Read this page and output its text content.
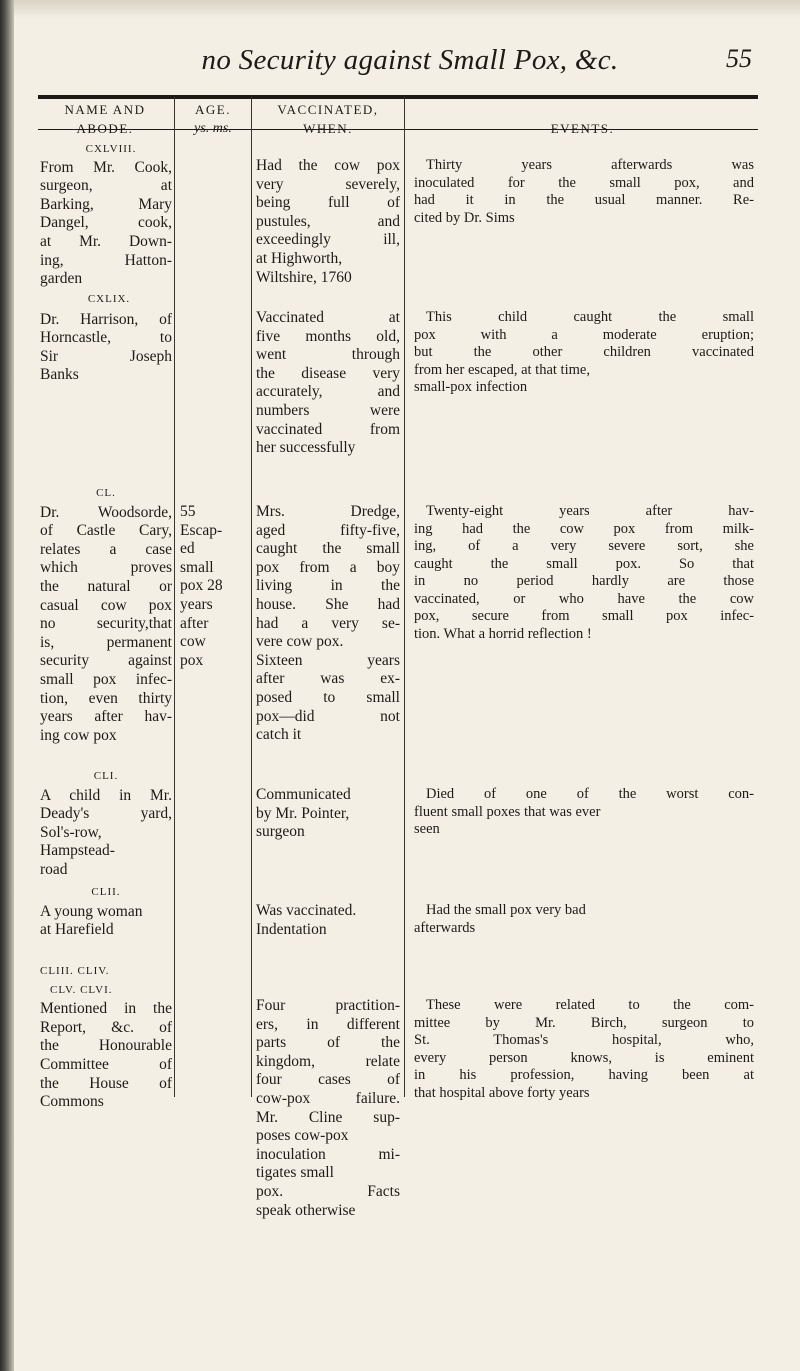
no Security against Small Pox, &c.	55
NAME AND
ABODE.
AGE.
ys. ms.
VACCINATED,
WHEN.	EVENTS.
CXLVIII.
From Mr. Cook,
surgeon, at
Barking, Mary
Dangel, cook,
at Mr. Down-
ing, Hatton-
garden
Had the cow pox
very severely,
being full of
pustules, and
exceedingly ill,
at Highworth,
Wiltshire, 1760
Thirty years afterwards was
inoculated for the small pox, and
had it in the usual manner. Re-
cited by Dr. Sims
CXLIX.
Dr. Harrison, of
Horncastle, to
Sir Joseph
Banks
Vaccinated at
five months old,
went through
the disease very
accurately, and
numbers were
vaccinated from
her successfully
This child caught the small
pox with a moderate eruption;
but the other children vaccinated
from her escaped, at that time,
small-pox infection
CL.
Dr. Woodsorde,
of Castle Cary,
relates a case
which proves
the natural or
casual cow pox
no security,that
is, permanent
security against
small pox infec-
tion, even thirty
years after hav-
ing cow pox
55
Escap-
ed
small
pox 28
years
after
cow
pox
Mrs. Dredge,
aged fifty-five,
caught the small
pox from a boy
living in the
house. She had
had a very se-
vere cow pox.
Sixteen years
after was ex-
posed to small
pox—did not
catch it
Twenty-eight years after hav-
ing had the cow pox from milk-
ing, of a very severe sort, she
caught the small pox. So that
in no period hardly are those
vaccinated, or who have the cow
pox, secure from small pox infec-
tion. What a horrid reflection !
CLI.
A child in Mr.
Deady's yard,
Sol's-row,
Hampstead-
road
Communicated
by Mr. Pointer,
surgeon
Died of one of the worst con-
fluent small poxes that was ever
seen
CLII.
A young woman
at Harefield
Was vaccinated.
Indentation
Had the small pox very bad
afterwards
CLIII. CLIV.
CLV. CLVI.
Mentioned in the
Report, &c. of
the Honourable
Committee of
the House of
Commons
Four practition-
ers, in different
parts of the
kingdom, relate
four cases of
cow-pox failure.
Mr. Cline sup-
poses cow-pox
inoculation mi-
tigates small
pox. Facts
speak otherwise
These were related to the com-
mittee by Mr. Birch, surgeon to
St. Thomas's hospital, who,
every person knows, is eminent
in his profession, having been at
that hospital above forty years
